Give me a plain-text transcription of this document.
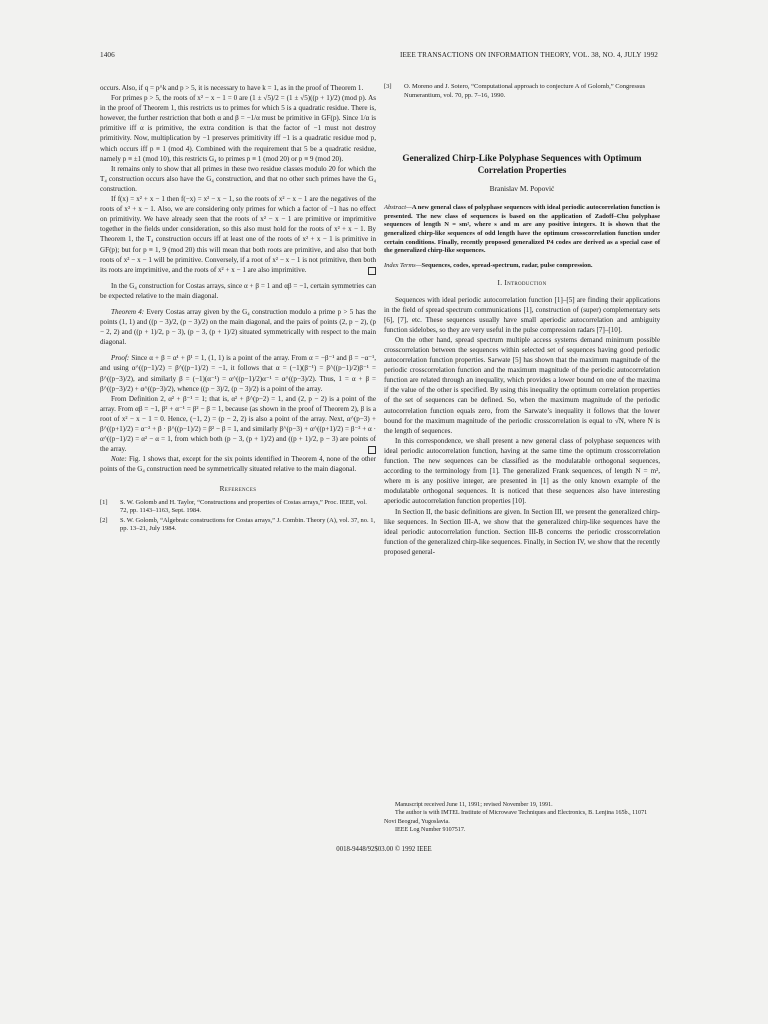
1406	IEEE TRANSACTIONS ON INFORMATION THEORY, VOL. 38, NO. 4, JULY 1992

occurs. Also, if q = p^k and p > 5, it is necessary to have k = 1, as in the proof of Theorem 1.

For primes p > 5, the roots of x² − x − 1 = 0 are (1 ± √5)/2 = (1 ± √5)((p + 1)/2) (mod p). As in the proof of Theorem 1, this restricts us to primes for which 5 is a quadratic residue. There is, however, the further restriction that both α and β = −1/α must be primitive in GF(p). Since 1/α is primitive iff α is primitive, the extra condition is that the factor of −1 must not destroy primitivity. Now, multiplication by −1 preserves primitivity iff −1 is a quadratic residue mod p, which occurs iff p ≡ 1 (mod 4). Combined with the requirement that 5 be a quadratic residue, namely p ≡ ±1 (mod 10), this restricts G₄ to primes p ≡ 1 (mod 20) or p ≡ 9 (mod 20).

It remains only to show that all primes in these two residue classes modulo 20 for which the T₄ construction occurs also have the G₄ construction, and that no other such primes have the G₄ construction.

If f(x) = x² + x − 1 then f(−x) = x² − x − 1, so the roots of x² − x − 1 are the negatives of the roots of x² + x − 1. Also, we are considering only primes for which a factor of −1 has no effect on primitivity. We have already seen that the roots of x² − x − 1 are primitive or imprimitive together in the fields under consideration, so this also must hold for the roots of x² + x − 1. By Theorem 1, the T₄ construction occurs iff at least one of the roots of x² + x − 1 is primitive in GF(p); but for p ≡ 1, 9 (mod 20) this will mean that both roots are primitive, and also that both roots of x² − x − 1 will be primitive. Conversely, if a root of x² − x − 1 is not primitive, then both its roots are imprimitive, and the roots of x² + x − 1 are also imprimitive.

In the G₄ construction for Costas arrays, since α + β = 1 and αβ = −1, certain symmetries can be expected relative to the main diagonal.

Theorem 4: Every Costas array given by the G₄ construction modulo a prime p > 5 has the points (1, 1) and ((p − 3)/2, (p − 3)/2) on the main diagonal, and the pairs of points (2, p − 2), (p − 2, 2) and ((p + 1)/2, p − 3), (p − 3, (p + 1)/2) situated symmetrically with respect to the main diagonal.

Proof: Since α + β = α¹ + β¹ = 1, (1, 1) is a point of the array. From α = −β⁻¹ and β = −α⁻¹, and using α^((p−1)/2) = β^((p−1)/2) = −1, it follows that α = (−1)(β⁻¹) = β^((p−1)/2)β⁻¹ = β^((p−3)/2), and similarly β = (−1)(α⁻¹) = α^((p−1)/2)α⁻¹ = α^((p−3)/2). Thus, 1 = α + β = β^((p−3)/2) + α^((p−3)/2), whence ((p − 3)/2, (p − 3)/2) is a point of the array.

From Definition 2, α² + β⁻¹ = 1; that is, α² + β^(p−2) = 1, and (2, p − 2) is a point of the array. From αβ = −1, β² + α⁻¹ = β² − β = 1, because (as shown in the proof of Theorem 2), β is a root of x² − x − 1 = 0. Hence, (−1, 2) = (p − 2, 2) is also a point of the array. Next, α^(p−3) + β^((p+1)/2) = α⁻² + β · β^((p−1)/2) = β² − β = 1, and similarly β^(p−3) + α^((p+1)/2) = β⁻² + α · α^((p−1)/2) = α² − α = 1, from which both (p − 3, (p + 1)/2) and ((p + 1)/2, p − 3) are points of the array.

Note: Fig. 1 shows that, except for the six points identified in Theorem 4, none of the other points of the G₄ construction need be symmetrically situated relative to the main diagonal.

References
[1]	S. W. Golomb and H. Taylor, “Constructions and properties of Costas arrays,” Proc. IEEE, vol. 72, pp. 1143–1163, Sept. 1984.
[2]	S. W. Golomb, “Algebraic constructions for Costas arrays,” J. Combin. Theory (A), vol. 37, no. 1, pp. 13–21, July 1984.
[3]	O. Moreno and J. Sotero, “Computational approach to conjecture A of Golomb,” Congressus Numerantium, vol. 70, pp. 7–16, 1990.
Generalized Chirp-Like Polyphase Sequences with Optimum Correlation Properties
Branislav M. Popović
Abstract—A new general class of polyphase sequences with ideal periodic autocorrelation function is presented. The new class of sequences is based on the application of Zadoff–Chu polyphase sequences of length N = sm², where s and m are any positive integers. It is shown that the generalized chirp-like sequences of odd length have the optimum crosscorrelation function under certain conditions. Finally, recently proposed generalized P4 codes are derived as a special case of the generalized chirp-like sequences.
Index Terms—Sequences, codes, spread-spectrum, radar, pulse compression.
I. Introduction

Sequences with ideal periodic autocorrelation function [1]–[5] are finding their applications in the field of spread spectrum communications [1], construction of (super) complementary sets [6], [7], etc. These sequences usually have small aperiodic autocorrelation and ambiguity function sidelobes, so they are very useful in the pulse compression radars [7]–[10].

On the other hand, spread spectrum multiple access systems demand minimum possible crosscorrelation between the sequences within selected set of sequences having good periodic autocorrelation function properties. Sarwate [5] has shown that the maximum magnitude of the periodic crosscorrelation function and the maximum magnitude of the periodic autocorrelation function are related through an inequality, which provides a lower bound on one of the maxima if the value of the other is specified. By using this inequality the optimum correlation properties of the set of sequences can be defined. So, when the maximum magnitude of the periodic autocorrelation function equals zero, from the Sarwate’s inequality it follows that the lower bound for the maximum magnitude of the periodic crosscorrelation is equal to √N, where N is the length of sequences.

In this correspondence, we shall present a new general class of polyphase sequences with ideal periodic autocorrelation function, having at the same time the optimum crosscorrelation function. The new sequences can be classified as the modulatable orthogonal sequences, according to the terminology from [1]. The generalized Frank sequences, of length N = m², where m is any positive integer, are presented in [1] as the only known example of the modulatable orthogonal sequences. It is noticed that these sequences also have interesting aperiodic autocorrelation function properties [10].

In Section II, the basic definitions are given. In Section III, we present the generalized chirp-like sequences. In Section III-A, we show that the generalized chirp-like sequences have the ideal periodic autocorrelation function. Section III-B concerns the periodic crosscorrelation function of the generalized chirp-like sequences. Finally, in Section IV, we show that the recently proposed general-

Manuscript received June 11, 1991; revised November 19, 1991.

The author is with IMTEL Institute of Microwave Techniques and Electronics, B. Lenjina 165b., 11071 Novi Beograd, Yugoslavia.

IEEE Log Number 9107517.

0018-9448/92$03.00 © 1992 IEEE
